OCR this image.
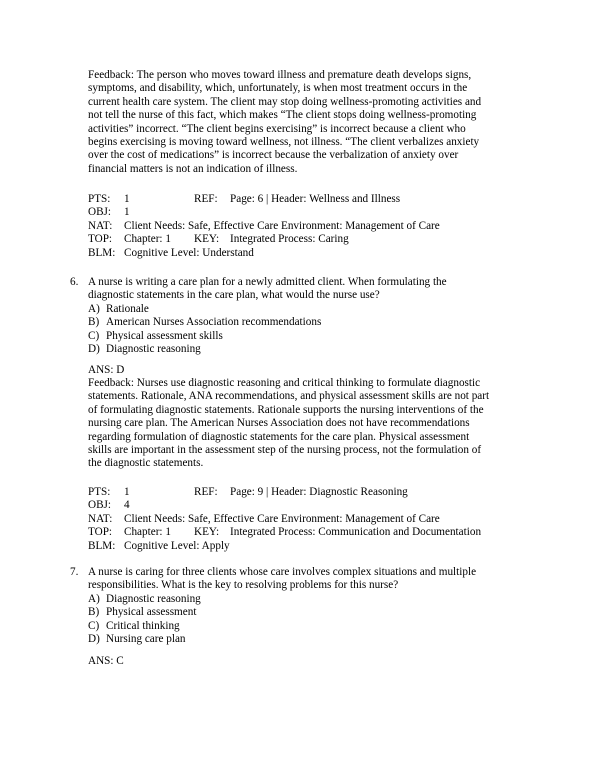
Feedback: The person who moves toward illness and premature death develops signs,
symptoms, and disability, which, unfortunately, is when most treatment occurs in the
current health care system. The client may stop doing wellness-promoting activities and
not tell the nurse of this fact, which makes “The client stops doing wellness-promoting
activities” incorrect. “The client begins exercising” is incorrect because a client who
begins exercising is moving toward wellness, not illness. “The client verbalizes anxiety
over the cost of medications” is incorrect because the verbalization of anxiety over
financial matters is not an indication of illness.
PTS: 1	REF: Page: 6 | Header: Wellness and Illness
OBJ: 1
NAT: Client Needs: Safe, Effective Care Environment: Management of Care
TOP: Chapter: 1 KEY: Integrated Process: Caring
BLM: Cognitive Level: Understand
6. A nurse is writing a care plan for a newly admitted client. When formulating the
diagnostic statements in the care plan, what would the nurse use?
A) Rationale
B) American Nurses Association recommendations
C) Physical assessment skills
D) Diagnostic reasoning
ANS: D
Feedback: Nurses use diagnostic reasoning and critical thinking to formulate diagnostic
statements. Rationale, ANA recommendations, and physical assessment skills are not part
of formulating diagnostic statements. Rationale supports the nursing interventions of the
nursing care plan. The American Nurses Association does not have recommendations
regarding formulation of diagnostic statements for the care plan. Physical assessment
skills are important in the assessment step of the nursing process, not the formulation of
the diagnostic statements.
PTS: 1	REF: Page: 9 | Header: Diagnostic Reasoning
OBJ: 4
NAT: Client Needs: Safe, Effective Care Environment: Management of Care
TOP: Chapter: 1 KEY: Integrated Process: Communication and Documentation
BLM: Cognitive Level: Apply
7. A nurse is caring for three clients whose care involves complex situations and multiple
responsibilities. What is the key to resolving problems for this nurse?
A) Diagnostic reasoning
B) Physical assessment
C) Critical thinking
D) Nursing care plan
ANS: C
